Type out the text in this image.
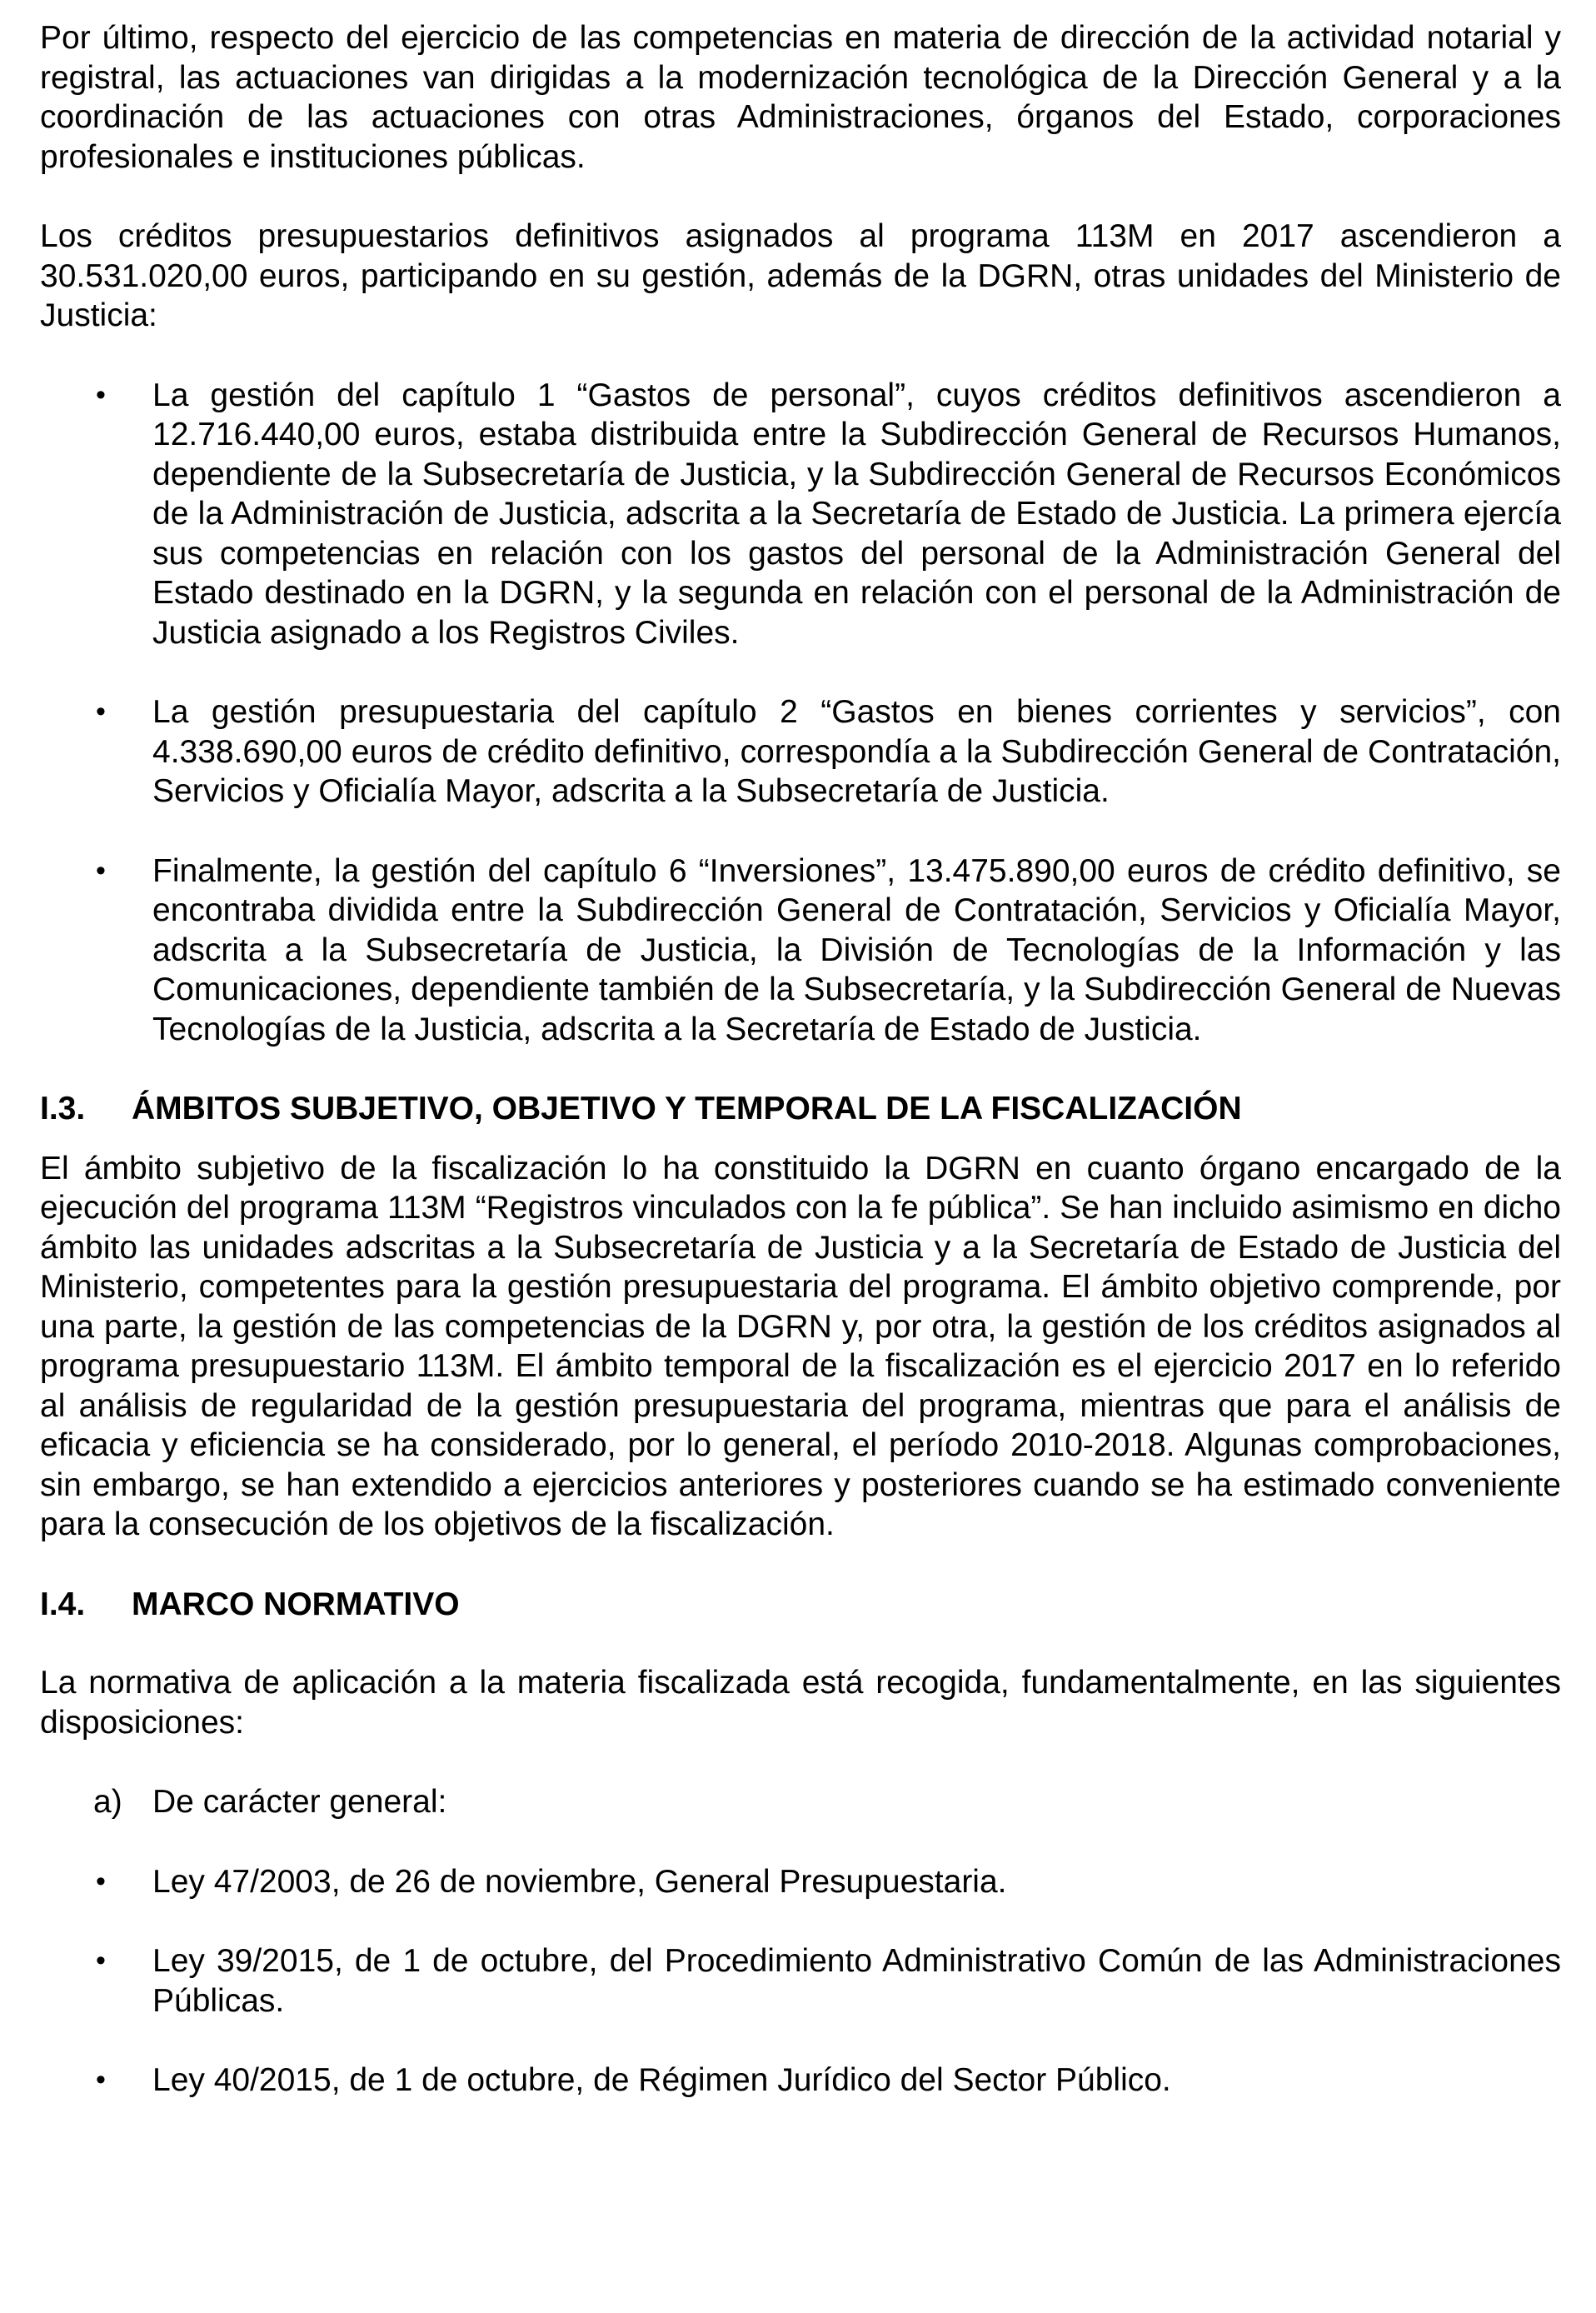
Por último, respecto del ejercicio de las competencias en materia de dirección de la actividad notarial y registral, las actuaciones van dirigidas a la modernización tecnológica de la Dirección General y a la coordinación de las actuaciones con otras Administraciones, órganos del Estado, corporaciones profesionales e instituciones públicas.

Los créditos presupuestarios definitivos asignados al programa 113M en 2017 ascendieron a 30.531.020,00 euros, participando en su gestión, además de la DGRN, otras unidades del Ministerio de Justicia:

•	La gestión del capítulo 1 “Gastos de personal”, cuyos créditos definitivos ascendieron a 12.716.440,00 euros, estaba distribuida entre la Subdirección General de Recursos Humanos, dependiente de la Subsecretaría de Justicia, y la Subdirección General de Recursos Económicos de la Administración de Justicia, adscrita a la Secretaría de Estado de Justicia. La primera ejercía sus competencias en relación con los gastos del personal de la Administración General del Estado destinado en la DGRN, y la segunda en relación con el personal de la Administración de Justicia asignado a los Registros Civiles.
•	La gestión presupuestaria del capítulo 2 “Gastos en bienes corrientes y servicios”, con 4.338.690,00 euros de crédito definitivo, correspondía a la Subdirección General de Contratación, Servicios y Oficialía Mayor, adscrita a la Subsecretaría de Justicia.
•	Finalmente, la gestión del capítulo 6 “Inversiones”, 13.475.890,00 euros de crédito definitivo, se encontraba dividida entre la Subdirección General de Contratación, Servicios y Oficialía Mayor, adscrita a la Subsecretaría de Justicia, la División de Tecnologías de la Información y las Comunicaciones, dependiente también de la Subsecretaría, y la Subdirección General de Nuevas Tecnologías de la Justicia, adscrita a la Secretaría de Estado de Justicia.
I.3.	ÁMBITOS SUBJETIVO, OBJETIVO Y TEMPORAL DE LA FISCALIZACIÓN

El ámbito subjetivo de la fiscalización lo ha constituido la DGRN en cuanto órgano encargado de la ejecución del programa 113M “Registros vinculados con la fe pública”. Se han incluido asimismo en dicho ámbito las unidades adscritas a la Subsecretaría de Justicia y a la Secretaría de Estado de Justicia del Ministerio, competentes para la gestión presupuestaria del programa. El ámbito objetivo comprende, por una parte, la gestión de las competencias de la DGRN y, por otra, la gestión de los créditos asignados al programa presupuestario 113M. El ámbito temporal de la fiscalización es el ejercicio 2017 en lo referido al análisis de regularidad de la gestión presupuestaria del programa, mientras que para el análisis de eficacia y eficiencia se ha considerado, por lo general, el período 2010-2018. Algunas comprobaciones, sin embargo, se han extendido a ejercicios anteriores y posteriores cuando se ha estimado conveniente para la consecución de los objetivos de la fiscalización.

I.4.	MARCO NORMATIVO

La normativa de aplicación a la materia fiscalizada está recogida, fundamentalmente, en las siguientes disposiciones:

a) De carácter general:
•	Ley 47/2003, de 26 de noviembre, General Presupuestaria.
•	Ley 39/2015, de 1 de octubre, del Procedimiento Administrativo Común de las Administraciones Públicas.
•	Ley 40/2015, de 1 de octubre, de Régimen Jurídico del Sector Público.
